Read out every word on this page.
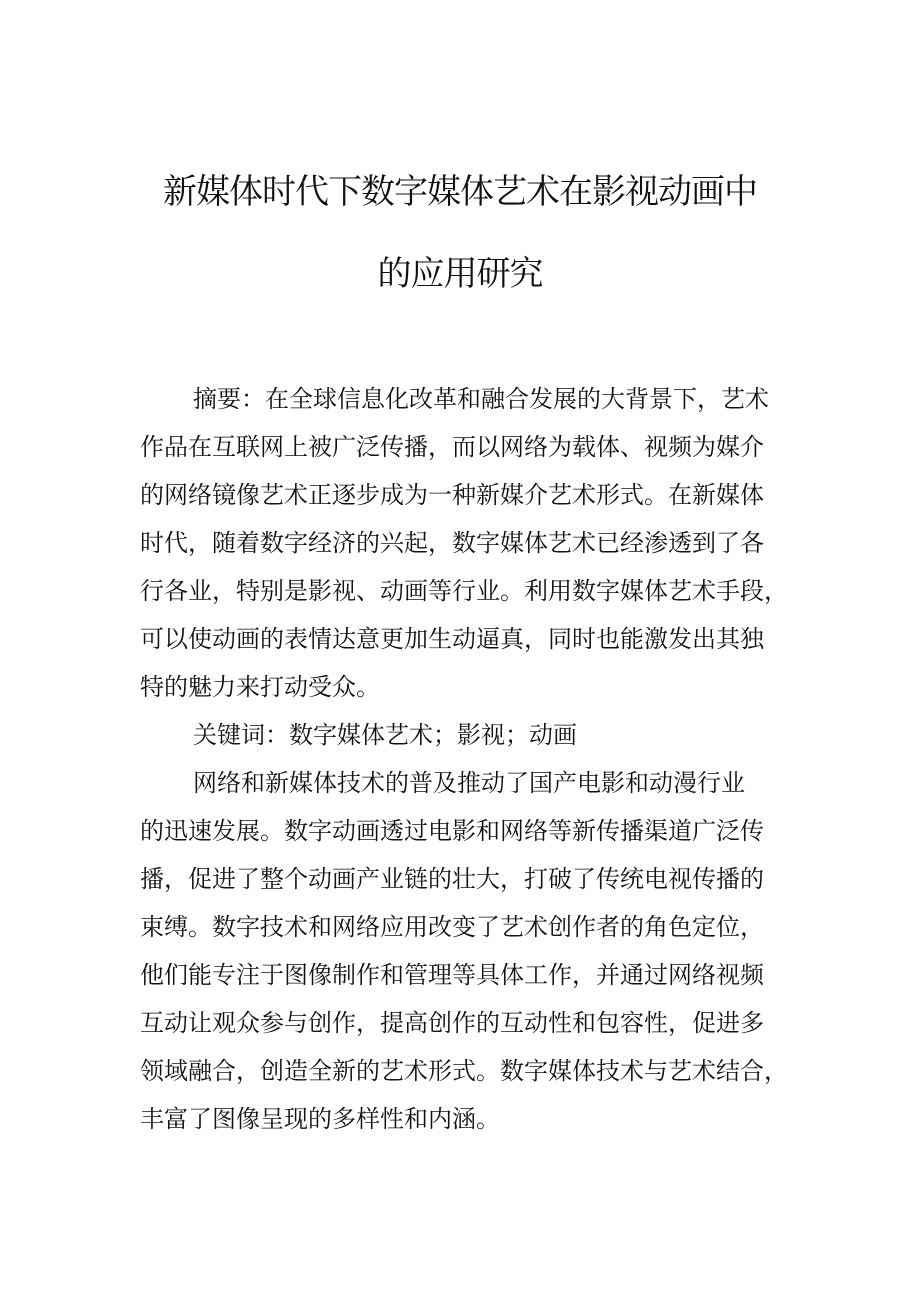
新媒体时代下数字媒体艺术在影视动画中
的应用研究
摘要：在全球信息化改革和融合发展的大背景下，艺术
作品在互联网上被广泛传播，而以网络为载体、视频为媒介
的网络镜像艺术正逐步成为一种新媒介艺术形式。在新媒体
时代，随着数字经济的兴起，数字媒体艺术已经渗透到了各
行各业，特别是影视、动画等行业。利用数字媒体艺术手段，
可以使动画的表情达意更加生动逼真，同时也能激发出其独
特的魅力来打动受众。
关键词：数字媒体艺术；影视；动画
网络和新媒体技术的普及推动了国产电影和动漫行业
的迅速发展。数字动画透过电影和网络等新传播渠道广泛传
播，促进了整个动画产业链的壮大，打破了传统电视传播的
束缚。数字技术和网络应用改变了艺术创作者的角色定位，
他们能专注于图像制作和管理等具体工作，并通过网络视频
互动让观众参与创作，提高创作的互动性和包容性，促进多
领域融合，创造全新的艺术形式。数字媒体技术与艺术结合，
丰富了图像呈现的多样性和内涵。
